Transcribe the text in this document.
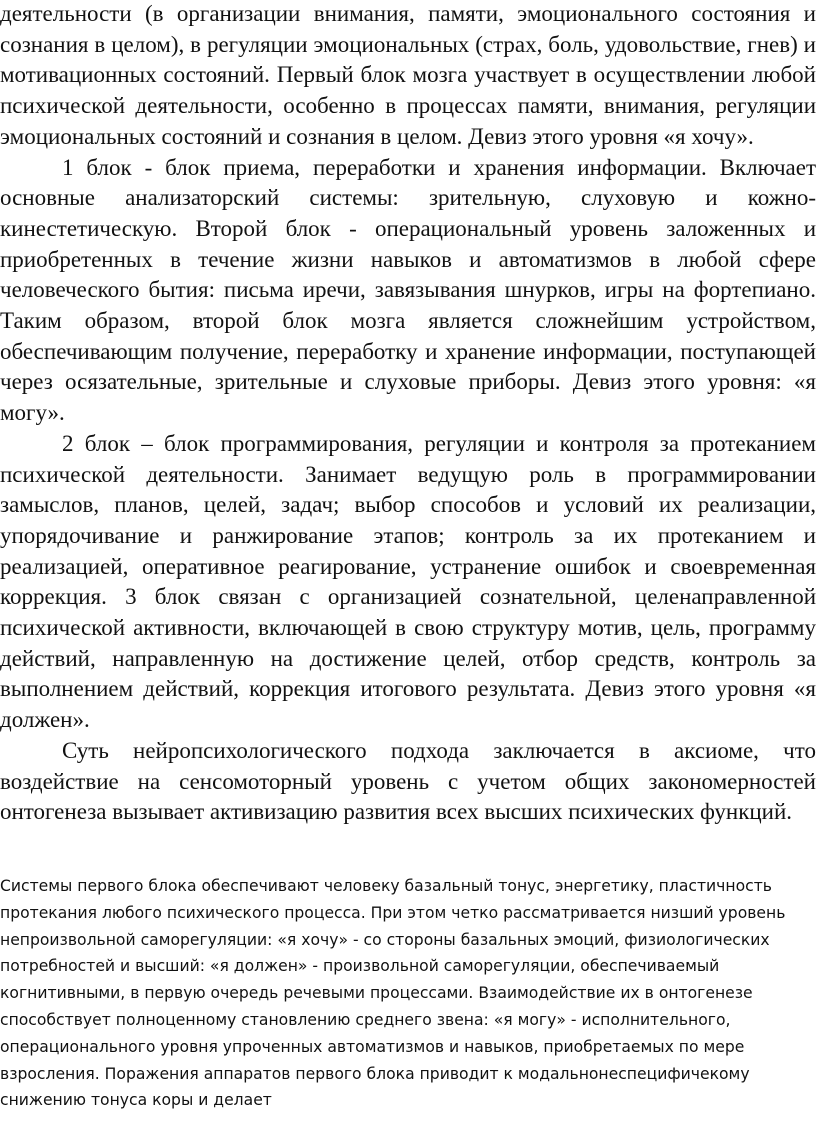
деятельности (в организации внимания, памяти, эмоционального состояния и сознания в целом), в регуляции эмоциональных (страх, боль, удовольствие, гнев) и мотивационных состояний. Первый блок мозга участвует в осуществлении любой психической деятельности, особенно в процессах памяти, внимания, регуляции эмоциональных состояний и сознания в целом. Девиз этого уровня «я хочу».

1 блок - блок приема, переработки и хранения информации. Включает основные анализаторский системы: зрительную, слуховую и кожно-кинестетическую. Второй блок - операциональный уровень заложенных и приобретенных в течение жизни навыков и автоматизмов в любой сфере человеческого бытия: письма иречи, завязывания шнурков, игры на фортепиано. Таким образом, второй блок мозга является сложнейшим устройством, обеспечивающим получение, переработку и хранение информации, поступающей через осязательные, зрительные и слуховые приборы. Девиз этого уровня: «я могу».

2 блок – блок программирования, регуляции и контроля за протеканием психической деятельности. Занимает ведущую роль в программировании замыслов, планов, целей, задач; выбор способов и условий их реализации, упорядочивание и ранжирование этапов; контроль за их протеканием и реализацией, оперативное реагирование, устранение ошибок и своевременная коррекция. 3 блок связан с организацией сознательной, целенаправленной психической активности, включающей в свою структуру мотив, цель, программу действий, направленную на достижение целей, отбор средств, контроль за выполнением действий, коррекция итогового результата. Девиз этого уровня «я должен».

Суть нейропсихологического подхода заключается в аксиоме, что воздействие на сенсомоторный уровень с учетом общих закономерностей онтогенеза вызывает активизацию развития всех высших психических функций.

Системы первого блока обеспечивают человеку базальный тонус, энергетику, пластичность протекания любого психического процесса. При этом четко рассматривается низший уровень непроизвольной саморегуляции: «я хочу» - со стороны базальных эмоций, физиологических потребностей и высший: «я должен» - произвольной саморегуляции, обеспечиваемый когнитивными, в первую очередь речевыми процессами. Взаимодействие их в онтогенезе способствует полноценному становлению среднего звена: «я могу» - исполнительного, операционального уровня упроченных автоматизмов и навыков, приобретаемых по мере взросления. Поражения аппаратов первого блока приводит к модальнонеспецифичекому снижению тонуса коры и делает
